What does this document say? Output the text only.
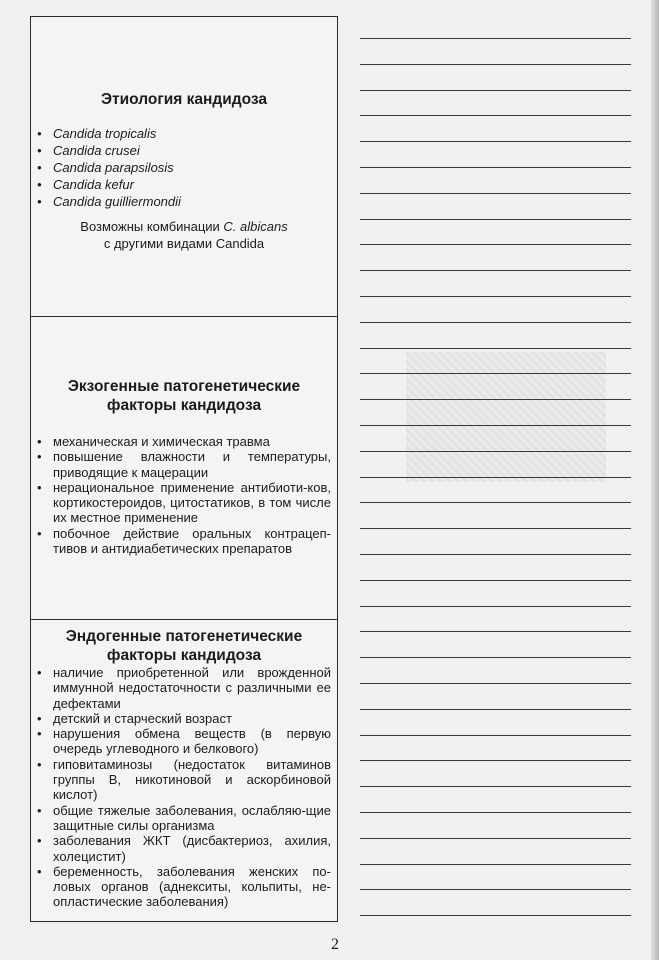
Этиология кандидоза
• Candida tropicalis
• Candida crusei
• Candida parapsilosis
• Candida kefur
• Candida guilliermondii
Возможны комбинации C. albicans
с другими видами Candida
Экзогенные патогенетические
факторы кандидоза
• механическая и химическая травма
• повышение влажности и температуры, приводящие к мацерации
• нерациональное применение антибиоти-ков, кортикостероидов, цитостатиков, в том числе их местное применение
• побочное действие оральных контрацеп-тивов и антидиабетических препаратов
Эндогенные патогенетические
факторы кандидоза
• наличие приобретенной или врожденной иммунной недостаточности с различными ее дефектами
• детский и старческий возраст
• нарушения обмена веществ (в первую очередь углеводного и белкового)
• гиповитаминозы (недостаток витаминов группы В, никотиновой и аскорбиновой кислот)
• общие тяжелые заболевания, ослабляю-щие защитные силы организма
• заболевания ЖКТ (дисбактериоз, ахилия, холецистит)
• беременность, заболевания женских по-ловых органов (аднекситы, кольпиты, не-опластические заболевания)
2
